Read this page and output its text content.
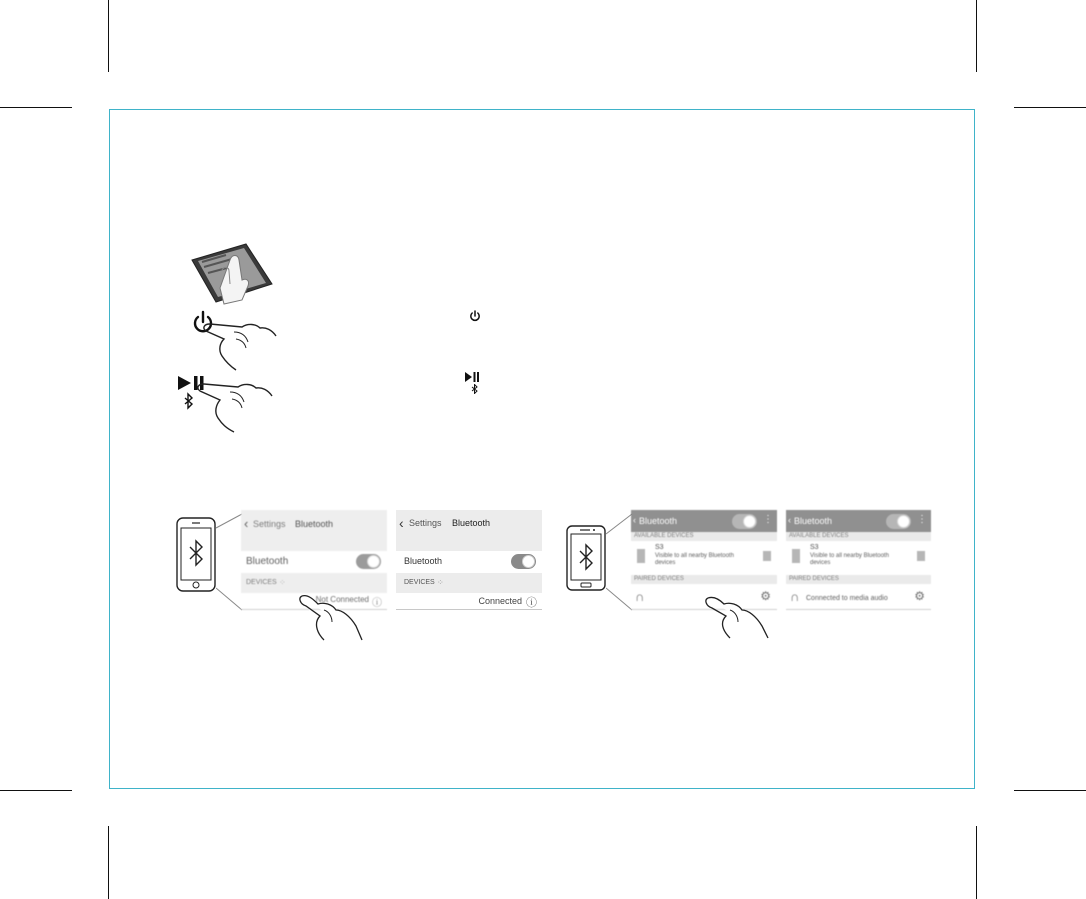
‹ Settings Bluetooth
Bluetooth
DEVICES ⁘
Not Connected ⓘ
‹ Settings Bluetooth
Bluetooth
DEVICES ⁘
Connected ⓘ
‹ Bluetooth	⋮
AVAILABLE DEVICES
S3
Visible to all nearby Bluetooth devices
PAIRED DEVICES
∩	⚙
‹ Bluetooth	⋮
AVAILABLE DEVICES
S3
Visible to all nearby Bluetooth devices
PAIRED DEVICES
∩ Connected to media audio ⚙
